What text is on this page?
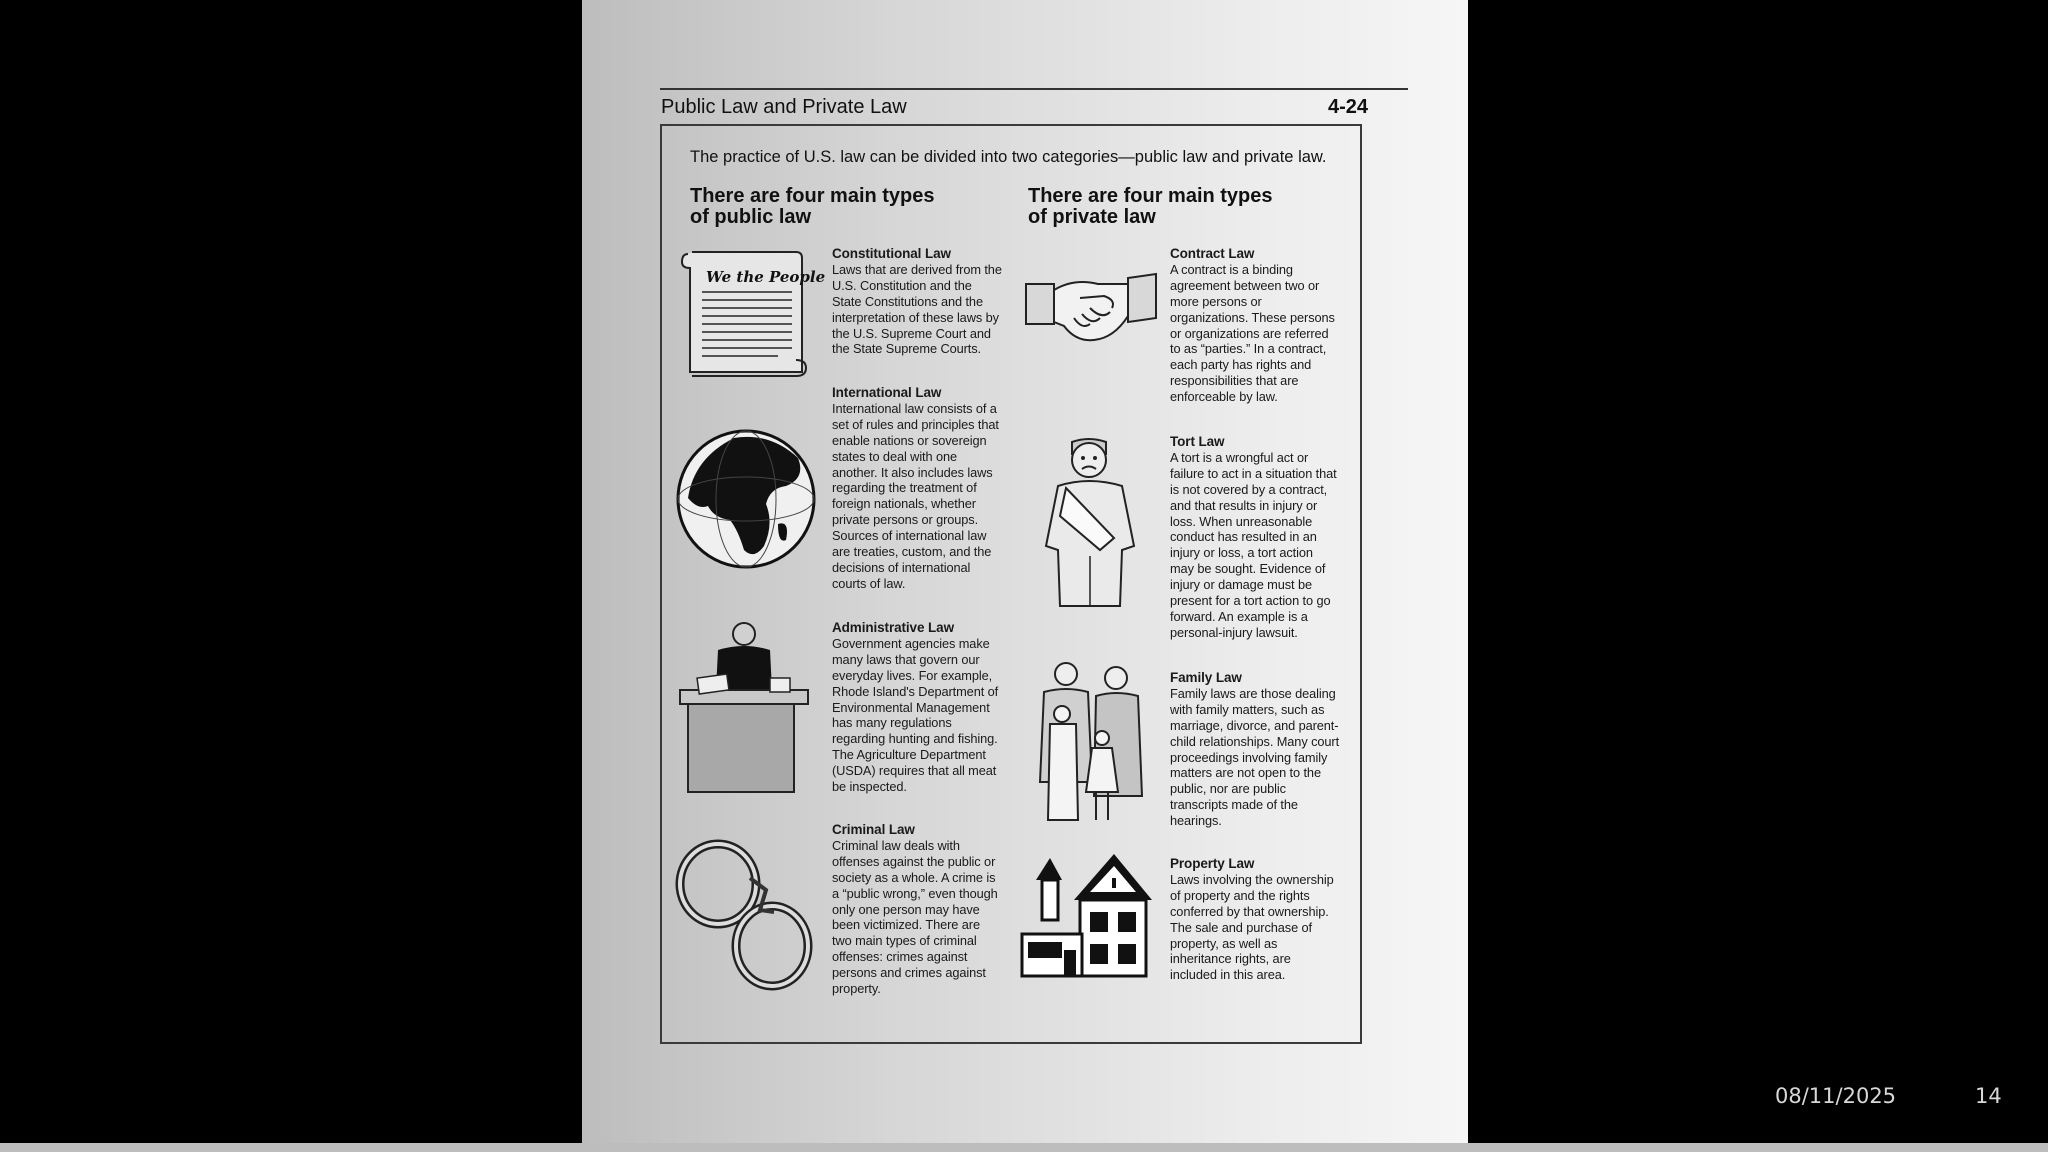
Public Law and Private Law	4-24
The practice of U.S. law can be divided into two categories—public law and private law.
There are four main types of public law
There are four main types of private law
We the People
Constitutional Law
Laws that are derived from the U.S. Constitution and the State Constitutions and the interpretation of these laws by the U.S. Supreme Court and the State Supreme Courts.
International Law
International law consists of a set of rules and principles that enable nations or sovereign states to deal with one another. It also includes laws regarding the treatment of foreign nationals, whether private persons or groups. Sources of international law are treaties, custom, and the decisions of international courts of law.
Administrative Law
Government agencies make many laws that govern our everyday lives. For example, Rhode Island's Department of Environmental Management has many regulations regarding hunting and fishing. The Agriculture Department (USDA) requires that all meat be inspected.
Criminal Law
Criminal law deals with offenses against the public or society as a whole. A crime is a “public wrong,” even though only one person may have been victimized. There are two main types of criminal offenses: crimes against persons and crimes against property.
Contract Law
A contract is a binding agreement between two or more persons or organizations. These persons or organizations are referred to as “parties.” In a contract, each party has rights and responsibilities that are enforceable by law.
Tort Law
A tort is a wrongful act or failure to act in a situation that is not covered by a contract, and that results in injury or loss. When unreasonable conduct has resulted in an injury or loss, a tort action may be sought. Evidence of injury or damage must be present for a tort action to go forward. An example is a personal-injury lawsuit.
Family Law
Family laws are those dealing with family matters, such as marriage, divorce, and parent-child relationships. Many court proceedings involving family matters are not open to the public, nor are public transcripts made of the hearings.
Property Law
Laws involving the ownership of property and the rights conferred by that ownership. The sale and purchase of property, as well as inheritance rights, are included in this area.
08/11/2025	14
